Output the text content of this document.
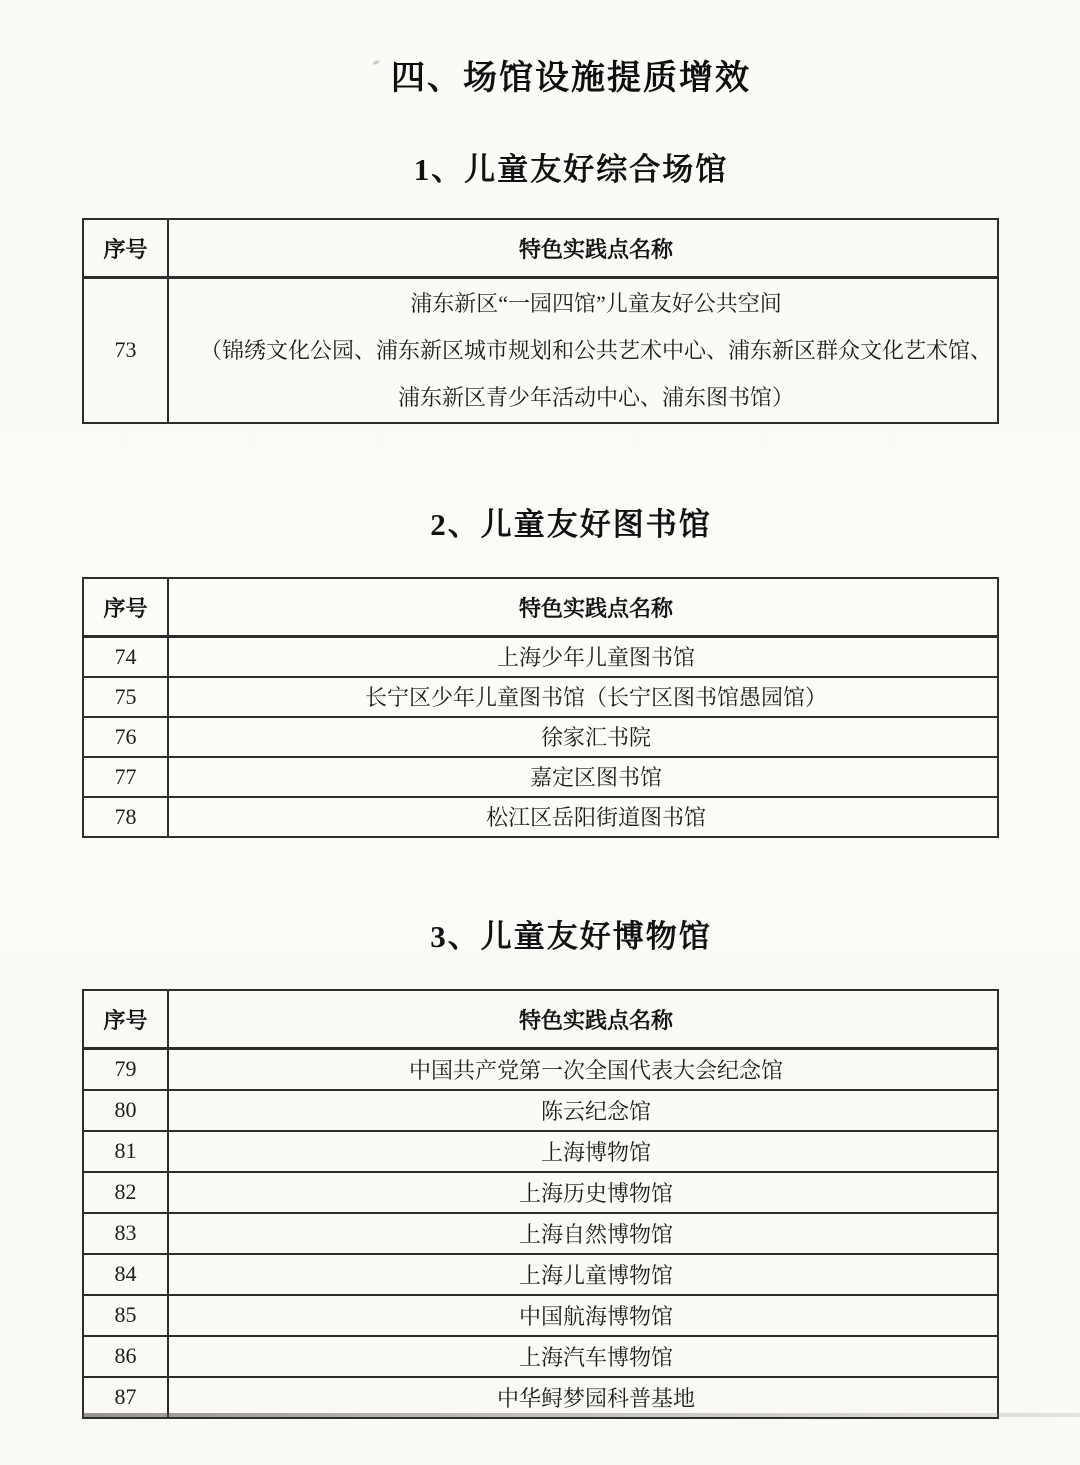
四、场馆设施提质增效
1、儿童友好综合场馆
序号	特色实践点名称
73	浦东新区“一园四馆”儿童友好公共空间
（锦绣文化公园、浦东新区城市规划和公共艺术中心、浦东新区群众文化艺术馆、
浦东新区青少年活动中心、浦东图书馆）
2、儿童友好图书馆
序号	特色实践点名称
74	上海少年儿童图书馆
75	长宁区少年儿童图书馆（长宁区图书馆愚园馆）
76	徐家汇书院
77	嘉定区图书馆
78	松江区岳阳街道图书馆
3、儿童友好博物馆
序号	特色实践点名称
79	中国共产党第一次全国代表大会纪念馆
80	陈云纪念馆
81	上海博物馆
82	上海历史博物馆
83	上海自然博物馆
84	上海儿童博物馆
85	中国航海博物馆
86	上海汽车博物馆
87	中华鲟梦园科普基地
